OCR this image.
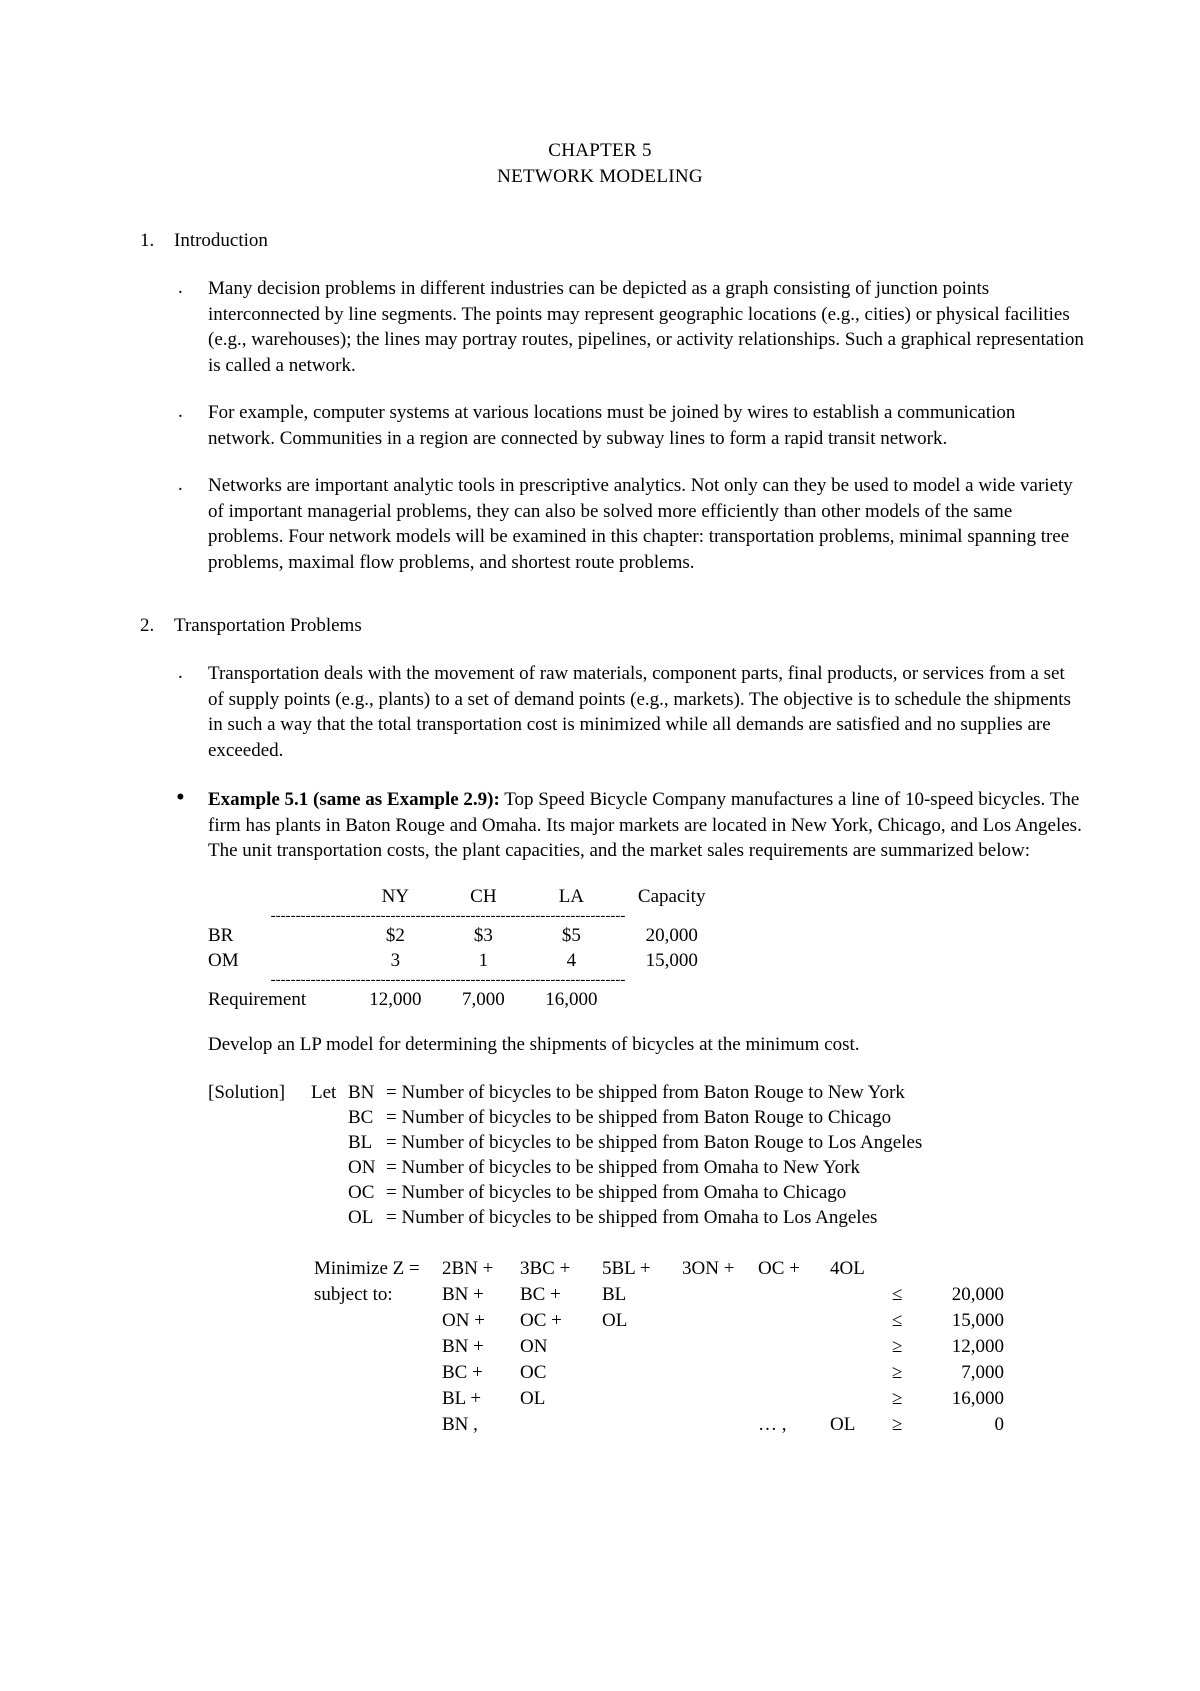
CHAPTER 5
NETWORK MODELING
1.	Introduction
. Many decision problems in different industries can be depicted as a graph consisting of junction points interconnected by line segments. The points may represent geographic locations (e.g., cities) or physical facilities (e.g., warehouses); the lines may portray routes, pipelines, or activity relationships. Such a graphical representation is called a network.

. For example, computer systems at various locations must be joined by wires to establish a communication network. Communities in a region are connected by subway lines to form a rapid transit network.

. Networks are important analytic tools in prescriptive analytics. Not only can they be used to model a wide variety of important managerial problems, they can also be solved more efficiently than other models of the same problems. Four network models will be examined in this chapter: transportation problems, minimal spanning tree problems, maximal flow problems, and shortest route problems.

2.	Transportation Problems
. Transportation deals with the movement of raw materials, component parts, final products, or services from a set of supply points (e.g., plants) to a set of demand points (e.g., markets). The objective is to schedule the shipments in such a way that the total transportation cost is minimized while all demands are satisfied and no supplies are exceeded.

• Example 5.1 (same as Example 2.9): Top Speed Bicycle Company manufactures a line of 10-speed bicycles. The firm has plants in Baton Rouge and Omaha. Its major markets are located in New York, Chicago, and Los Angeles. The unit transportation costs, the plant capacities, and the market sales requirements are summarized below:

	NY	CH	LA	Capacity

-----------------------------------------------------------------------				

BR	$2	$3	$5	20,000
OM	3	1	4	15,000

-----------------------------------------------------------------------				

Requirement	12,000	7,000	16,000	
Develop an LP model for determining the shipments of bicycles at the minimum cost.
[Solution] Let BN = Number of bicycles to be shipped from Baton Rouge to New York
BC = Number of bicycles to be shipped from Baton Rouge to Chicago
BL = Number of bicycles to be shipped from Baton Rouge to Los Angeles
ON = Number of bicycles to be shipped from Omaha to New York
OC = Number of bicycles to be shipped from Omaha to Chicago
OL = Number of bicycles to be shipped from Omaha to Los Angeles
Minimize Z =	2BN +	3BC +	5BL +	3ON +	OC +	4OL		
subject to:	BN +	BC +	BL				≤	20,000
	ON +	OC +	OL				≤	15,000
	BN +	ON					≥	12,000
	BC +	OC					≥	7,000
	BL +	OL					≥	16,000
	BN ,				… ,	OL	≥	0
